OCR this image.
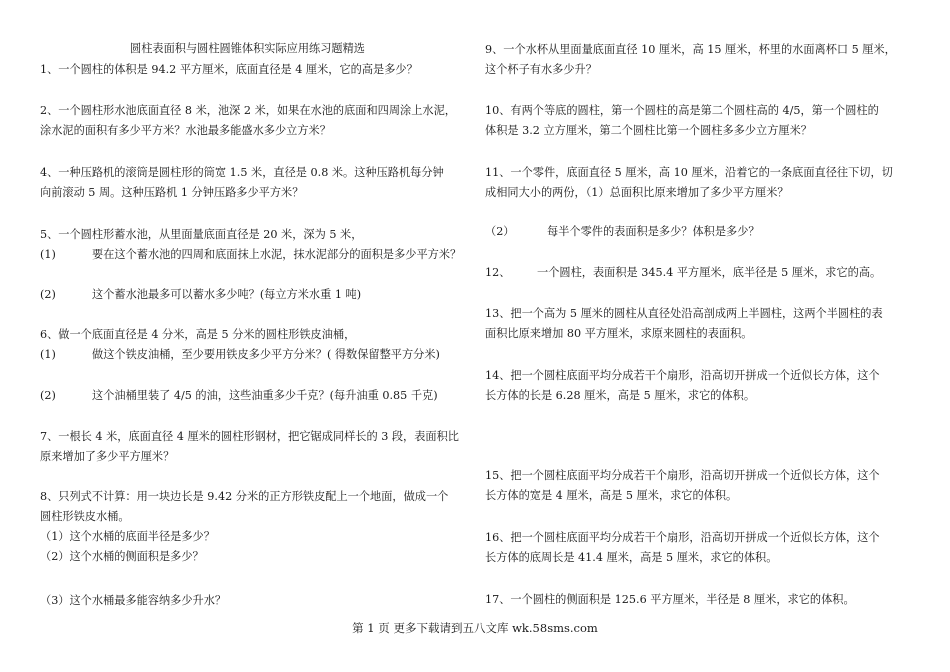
圆柱表面积与圆柱圆锥体积实际应用练习题精选
1、一个圆柱的体积是 94.2 平方厘米，底面直径是 4 厘米，它的高是多少？
2、一个圆柱形水池底面直径 8 米，池深 2 米，如果在水池的底面和四周涂上水泥，
涂水泥的面积有多少平方米？水池最多能盛水多少立方米？
4、一种压路机的滚筒是圆柱形的筒宽 1.5 米，直径是 0.8 米。这种压路机每分钟
向前滚动 5 周。这种压路机 1 分钟压路多少平方米？
5、一个圆柱形蓄水池，从里面量底面直径是 20 米，深为 5 米，
(1)	要在这个蓄水池的四周和底面抹上水泥，抹水泥部分的面积是多少平方米？
(2)	这个蓄水池最多可以蓄水多少吨？(每立方米水重 1 吨)
6、做一个底面直径是 4 分米，高是 5 分米的圆柱形铁皮油桶，
(1)	做这个铁皮油桶，至少要用铁皮多少平方分米？( 得数保留整平方分米)
(2)	这个油桶里装了 4/5 的油，这些油重多少千克？(每升油重 0.85 千克)
7、一根长 4 米，底面直径 4 厘米的圆柱形钢材，把它锯成同样长的 3 段，表面积比
原来增加了多少平方厘米？
8、只列式不计算：用一块边长是 9.42 分米的正方形铁皮配上一个地面，做成一个
圆柱形铁皮水桶。
（1）这个水桶的底面半径是多少？
（2）这个水桶的侧面积是多少？
（3）这个水桶最多能容纳多少升水？
9、一个水杯从里面量底面直径 10 厘米，高 15 厘米，杯里的水面离杯口 5 厘米，
这个杯子有水多少升？
10、有两个等底的圆柱，第一个圆柱的高是第二个圆柱高的 4/5，第一个圆柱的
体积是 3.2 立方厘米，第二个圆柱比第一个圆柱多多少立方厘米？
11、一个零件，底面直径 5 厘米，高 10 厘米，沿着它的一条底面直径往下切，切
成相同大小的两份，（1）总面积比原来增加了多少平方厘米？
（2）	每半个零件的表面积是多少？体积是多少？
12、	一个圆柱，表面积是 345.4 平方厘米，底半径是 5 厘米，求它的高。
13、把一个高为 5 厘米的圆柱从直径处沿高剖成两上半圆柱，这两个半圆柱的表
面积比原来增加 80 平方厘米，求原来圆柱的表面积。
14、把一个圆柱底面平均分成若干个扇形，沿高切开拼成一个近似长方体，这个
长方体的长是 6.28 厘米，高是 5 厘米，求它的体积。
15、把一个圆柱底面平均分成若干个扇形，沿高切开拼成一个近似长方体，这个
长方体的宽是 4 厘米，高是 5 厘米，求它的体积。
16、把一个圆柱底面平均分成若干个扇形，沿高切开拼成一个近似长方体，这个
长方体的底周长是 41.4 厘米，高是 5 厘米，求它的体积。
17、一个圆柱的侧面积是 125.6 平方厘米，半径是 8 厘米，求它的体积。
第 1 页 更多下载请到五八文库 wk.58sms.com
